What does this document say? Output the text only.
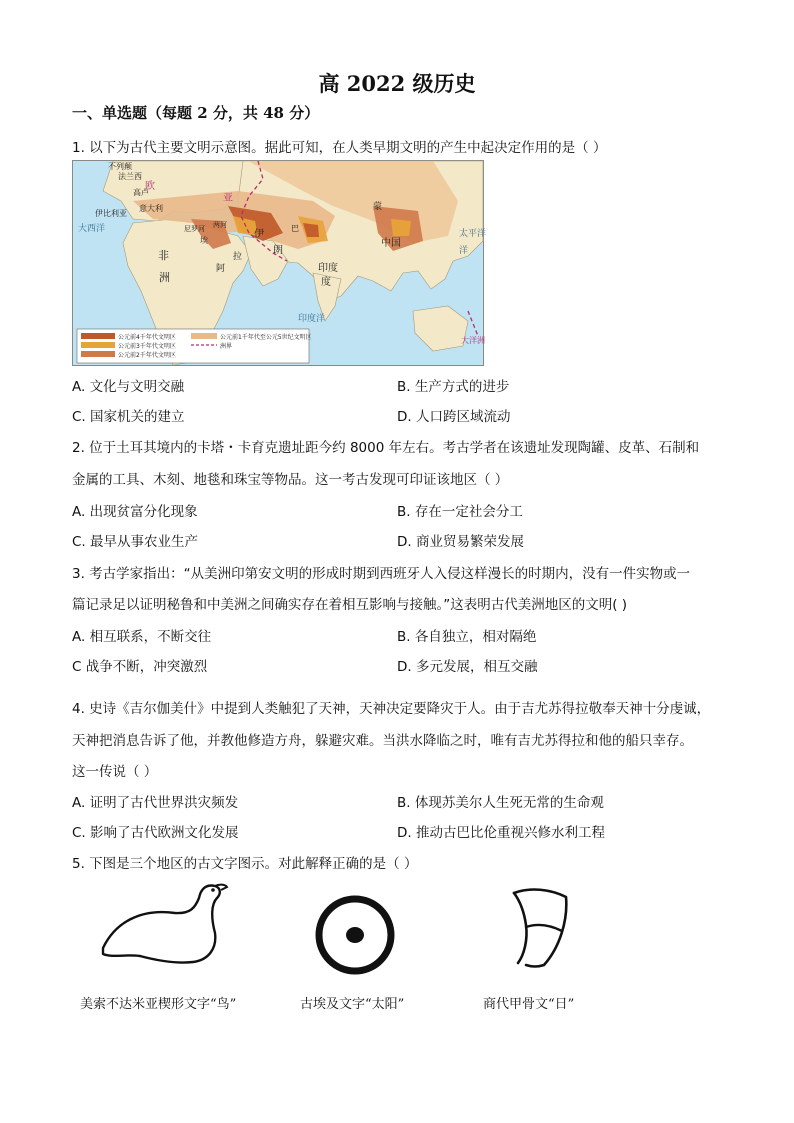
高 2022 级历史
一、单选题（每题 2 分，共 48 分）
1. 以下为古代主要文明示意图。据此可知，在人类早期文明的产生中起决定作用的是（ ）
法兰西
不列颠
高卢
伊比利亚
意大利
欧
亚
非
伊
朗
巴
印度
中国
蒙
阿
埃
大西洋	太平洋
印度洋
两河
尼罗河
大洋洲
洲
洋
拉
度
公元前4千年代文明区
公元前3千年代文明区
公元前2千年代文明区
公元前1千年代至公元5世纪文明区
洲界
A. 文化与文明交融	B. 生产方式的进步
C. 国家机关的建立	D. 人口跨区域流动
2. 位于土耳其境内的卡塔・卡育克遗址距今约 8000 年左右。考古学者在该遗址发现陶罐、皮革、石制和
金属的工具、木刻、地毯和珠宝等物品。这一考古发现可印证该地区（ ）
A. 出现贫富分化现象	B. 存在一定社会分工
C. 最早从事农业生产	D. 商业贸易繁荣发展
3. 考古学家指出：“从美洲印第安文明的形成时期到西班牙人入侵这样漫长的时期内，没有一件实物或一
篇记录足以证明秘鲁和中美洲之间确实存在着相互影响与接触。”这表明古代美洲地区的文明( )
A. 相互联系，不断交往	B. 各自独立，相对隔绝
C 战争不断，冲突激烈	D. 多元发展，相互交融
4. 史诗《吉尔伽美什》中提到人类触犯了天神，天神决定要降灾于人。由于吉尤苏得拉敬奉天神十分虔诚，
天神把消息告诉了他，并教他修造方舟，躲避灾难。当洪水降临之时，唯有吉尤苏得拉和他的船只幸存。
这一传说（ ）
A. 证明了古代世界洪灾频发	B. 体现苏美尔人生死无常的生命观
C. 影响了古代欧洲文化发展	D. 推动古巴比伦重视兴修水利工程
5. 下图是三个地区的古文字图示。对此解释正确的是（ ）
美索不达米亚楔形文字“鸟”	古埃及文字“太阳”	商代甲骨文“日”
